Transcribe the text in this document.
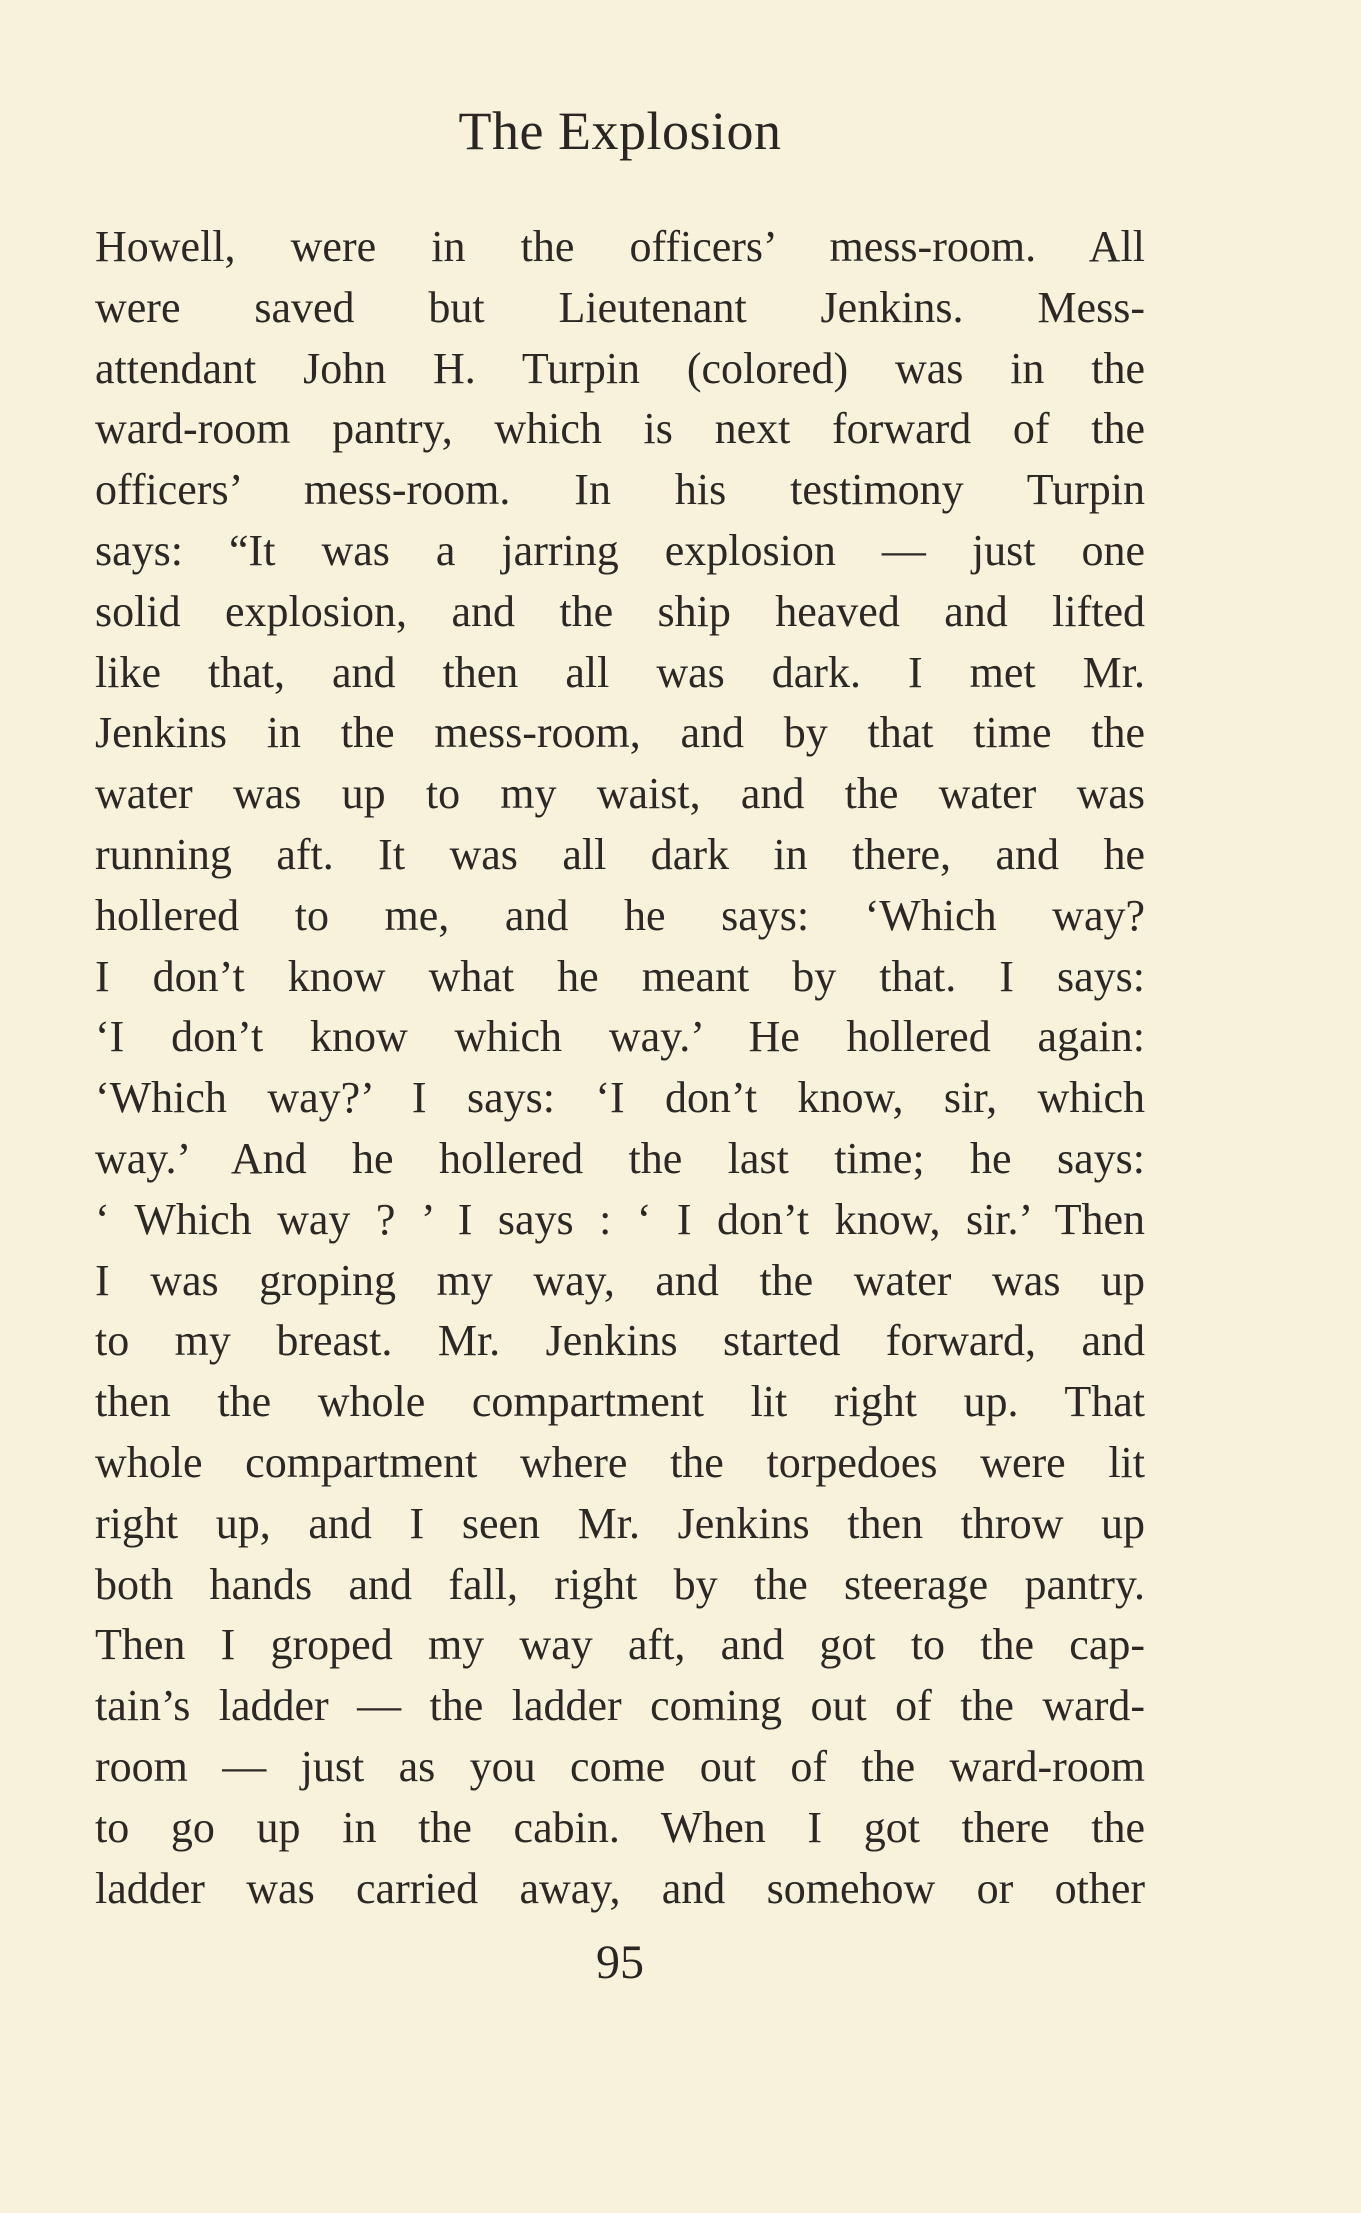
The Explosion
Howell, were in the officers’ mess-room. All
were saved but Lieutenant Jenkins. Mess-
attendant John H. Turpin (colored) was in the
ward-room pantry, which is next forward of the
officers’ mess-room. In his testimony Turpin
says: “It was a jarring explosion — just one
solid explosion, and the ship heaved and lifted
like that, and then all was dark. I met Mr.
Jenkins in the mess-room, and by that time the
water was up to my waist, and the water was
running aft. It was all dark in there, and he
hollered to me, and he says: ‘Which way?
I don’t know what he meant by that. I says:
‘I don’t know which way.’ He hollered again:
‘Which way?’ I says: ‘I don’t know, sir, which
way.’ And he hollered the last time; he says:
‘ Which way ? ’ I says : ‘ I don’t know, sir.’ Then
I was groping my way, and the water was up
to my breast. Mr. Jenkins started forward, and
then the whole compartment lit right up. That
whole compartment where the torpedoes were lit
right up, and I seen Mr. Jenkins then throw up
both hands and fall, right by the steerage pantry.
Then I groped my way aft, and got to the cap-
tain’s ladder — the ladder coming out of the ward-
room — just as you come out of the ward-room
to go up in the cabin. When I got there the
ladder was carried away, and somehow or other
95
